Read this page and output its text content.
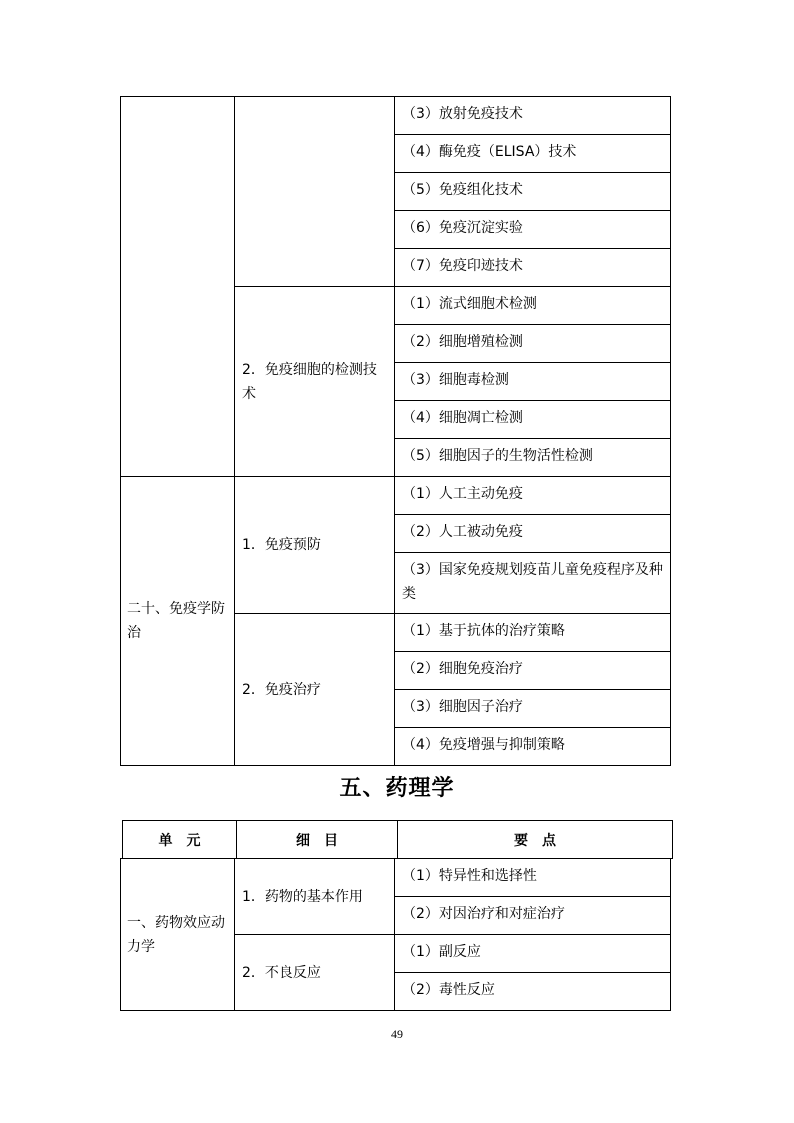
		（3）放射免疫技术
		（4）酶免疫（ELISA）技术
		（5）免疫组化技术
		（6）免疫沉淀实验
		（7）免疫印迹技术
	2．免疫细胞的检测技术	（1）流式细胞术检测
		（2）细胞增殖检测
		（3）细胞毒检测
		（4）细胞凋亡检测
		（5）细胞因子的生物活性检测
二十、免疫学防治	1．免疫预防	（1）人工主动免疫
		（2）人工被动免疫
		（3）国家免疫规划疫苗儿童免疫程序及种类
	2．免疫治疗	（1）基于抗体的治疗策略
		（2）细胞免疫治疗
		（3）细胞因子治疗
		（4）免疫增强与抑制策略
五、药理学
单　元	细　目	要　点
一、药物效应动力学	1．药物的基本作用	（1）特异性和选择性
		（2）对因治疗和对症治疗
	2．不良反应	（1）副反应
		（2）毒性反应
49
